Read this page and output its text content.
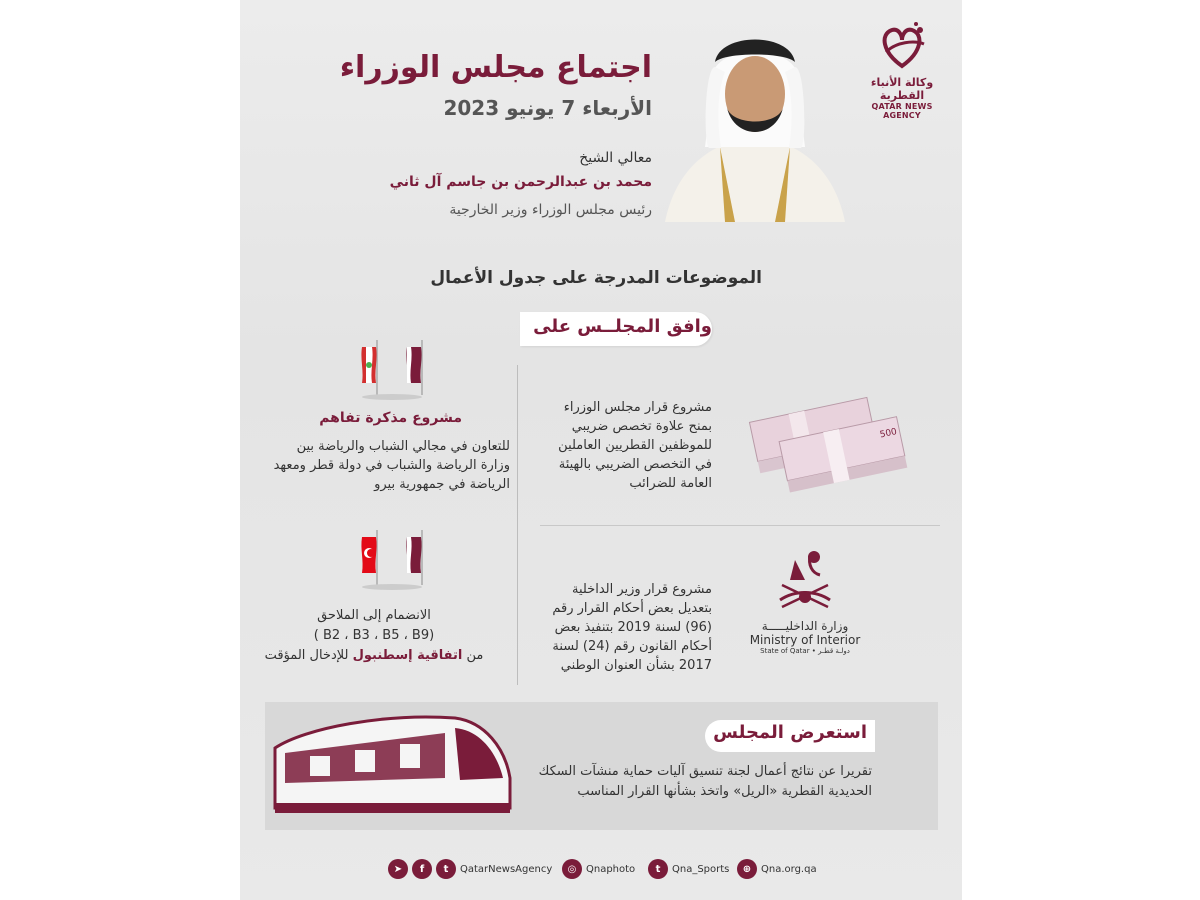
وكالة الأنباء القطرية
QATAR NEWS AGENCY
اجتماع مجلس الوزراء
الأربعاء 7 يونيو 2023
معالي الشيخ
محمد بن عبدالرحمن بن جاسم آل ثاني
رئيس مجلس الوزراء وزير الخارجية
الموضوعات المدرجة على جدول الأعمال
وافق المجلــس على
500
وزارة الداخليـــــة
Ministry of Interior
State of Qatar • دولـة قطـر
مشروع مذكرة تفاهم
للتعاون في مجالي الشباب والرياضة بين وزارة الرياضة والشباب في دولة قطر ومعهد الرياضة في جمهورية بيرو
الانضمام إلى الملاحق
( B2 ، B3 ، B5 ، B9)
من اتفاقية إسطنبول للإدخال المؤقت
مشروع قرار مجلس الوزراء بمنح علاوة تخصص ضريبي للموظفين القطريين العاملين في التخصص الضريبي بالهيئة العامة للضرائب
مشروع قرار وزير الداخلية بتعديل بعض أحكام القرار رقم (96) لسنة 2019 بتنفيذ بعض أحكام القانون رقم (24) لسنة 2017 بشأن العنوان الوطني
استعرض المجلس
تقريرا عن نتائج أعمال لجنة تنسيق آليات حماية منشآت السكك الحديدية القطرية «الريل» واتخذ بشأنها القرار المناسب
➤	f	t	QatarNewsAgency	◎ Qnaphoto	t	Qna_Sports	⊕ Qna.org.qa
